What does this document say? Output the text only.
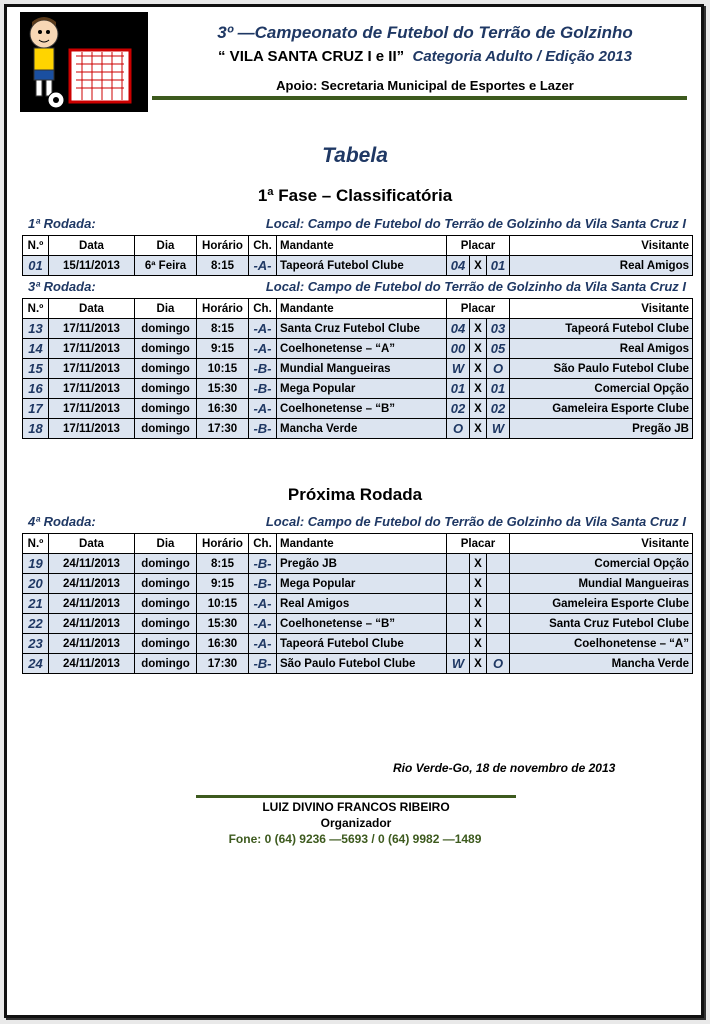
3º —Campeonato de Futebol do Terrão de Golzinho
“ VILA SANTA CRUZ I e II” Categoria Adulto / Edição 2013
Apoio: Secretaria Municipal de Esportes e Lazer
Tabela
1ª Fase – Classificatória
1ª Rodada:	Local: Campo de Futebol do Terrão de Golzinho da Vila Santa Cruz I
N.º	Data	Dia	Horário	Ch.	Mandante	Placar			Visitante
01	15/11/2013	6ª Feira	8:15	-A-	Tapeorá Futebol Clube	04	X	01	Real Amigos
3ª Rodada:	Local: Campo de Futebol do Terrão de Golzinho da Vila Santa Cruz I
N.º	Data	Dia	Horário	Ch.	Mandante	Placar			Visitante
13	17/11/2013	domingo	8:15	-A-	Santa Cruz Futebol Clube	04	X	03	Tapeorá Futebol Clube
14	17/11/2013	domingo	9:15	-A-	Coelhonetense – “A”	00	X	05	Real Amigos
15	17/11/2013	domingo	10:15	-B-	Mundial Mangueiras	W	X	O	São Paulo Futebol Clube
16	17/11/2013	domingo	15:30	-B-	Mega Popular	01	X	01	Comercial Opção
17	17/11/2013	domingo	16:30	-A-	Coelhonetense – “B”	02	X	02	Gameleira Esporte Clube
18	17/11/2013	domingo	17:30	-B-	Mancha Verde	O	X	W	Pregão JB
Próxima Rodada
4ª Rodada:	Local: Campo de Futebol do Terrão de Golzinho da Vila Santa Cruz I
N.º	Data	Dia	Horário	Ch.	Mandante	Placar			Visitante
19	24/11/2013	domingo	8:15	-B-	Pregão JB		X		Comercial Opção
20	24/11/2013	domingo	9:15	-B-	Mega Popular		X		Mundial Mangueiras
21	24/11/2013	domingo	10:15	-A-	Real Amigos		X		Gameleira Esporte Clube
22	24/11/2013	domingo	15:30	-A-	Coelhonetense – “B”		X		Santa Cruz Futebol Clube
23	24/11/2013	domingo	16:30	-A-	Tapeorá Futebol Clube		X		Coelhonetense – “A”
24	24/11/2013	domingo	17:30	-B-	São Paulo Futebol Clube	W	X	O	Mancha Verde
Rio Verde-Go, 18 de novembro de 2013
LUIZ DIVINO FRANCOS RIBEIRO
Organizador
Fone: 0 (64) 9236 —5693 / 0 (64) 9982 —1489
